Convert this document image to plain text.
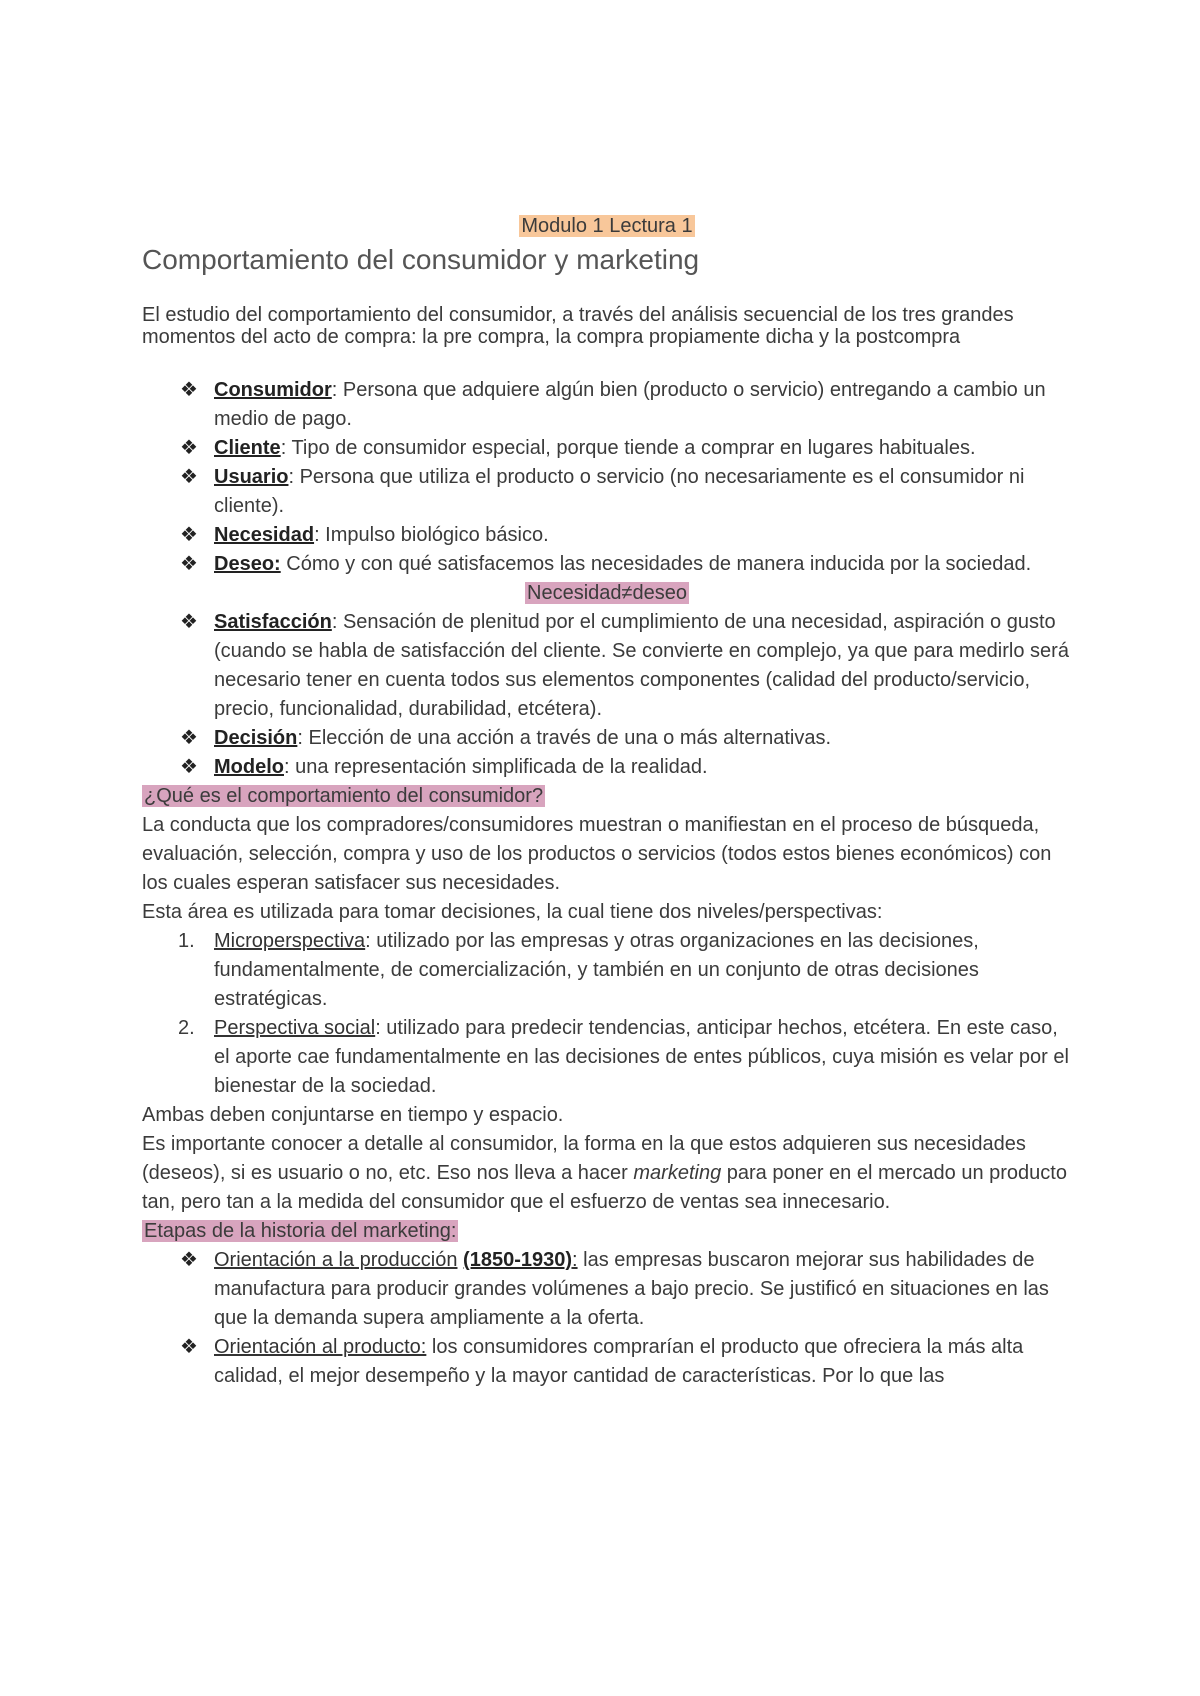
Modulo 1 Lectura 1

Comportamiento del consumidor y marketing

El estudio del comportamiento del consumidor, a través del análisis secuencial de los tres grandes momentos del acto de compra: la pre compra, la compra propiamente dicha y la postcompra

❖ Consumidor: Persona que adquiere algún bien (producto o servicio) entregando a cambio un medio de pago.
❖ Cliente: Tipo de consumidor especial, porque tiende a comprar en lugares habituales.
❖ Usuario: Persona que utiliza el producto o servicio (no necesariamente es el consumidor ni cliente).
❖ Necesidad: Impulso biológico básico.
❖ Deseo: Cómo y con qué satisfacemos las necesidades de manera inducida por la sociedad.

Necesidad≠deseo

❖ Satisfacción: Sensación de plenitud por el cumplimiento de una necesidad, aspiración o gusto (cuando se habla de satisfacción del cliente. Se convierte en complejo, ya que para medirlo será necesario tener en cuenta todos sus elementos componentes (calidad del producto/servicio, precio, funcionalidad, durabilidad, etcétera).
❖ Decisión: Elección de una acción a través de una o más alternativas.
❖ Modelo: una representación simplificada de la realidad.

¿Qué es el comportamiento del consumidor?

La conducta que los compradores/consumidores muestran o manifiestan en el proceso de búsqueda, evaluación, selección, compra y uso de los productos o servicios (todos estos bienes económicos) con los cuales esperan satisfacer sus necesidades.

Esta área es utilizada para tomar decisiones, la cual tiene dos niveles/perspectivas:

1. Microperspectiva: utilizado por las empresas y otras organizaciones en las decisiones, fundamentalmente, de comercialización, y también en un conjunto de otras decisiones estratégicas.
2. Perspectiva social: utilizado para predecir tendencias, anticipar hechos, etcétera. En este caso, el aporte cae fundamentalmente en las decisiones de entes públicos, cuya misión es velar por el bienestar de la sociedad.

Ambas deben conjuntarse en tiempo y espacio.

Es importante conocer a detalle al consumidor, la forma en la que estos adquieren sus necesidades (deseos), si es usuario o no, etc. Eso nos lleva a hacer marketing para poner en el mercado un producto tan, pero tan a la medida del consumidor que el esfuerzo de ventas sea innecesario.

Etapas de la historia del marketing:

❖ Orientación a la producción (1850-1930): las empresas buscaron mejorar sus habilidades de manufactura para producir grandes volúmenes a bajo precio. Se justificó en situaciones en las que la demanda supera ampliamente a la oferta.
❖ Orientación al producto: los consumidores comprarían el producto que ofreciera la más alta calidad, el mejor desempeño y la mayor cantidad de características. Por lo que las
